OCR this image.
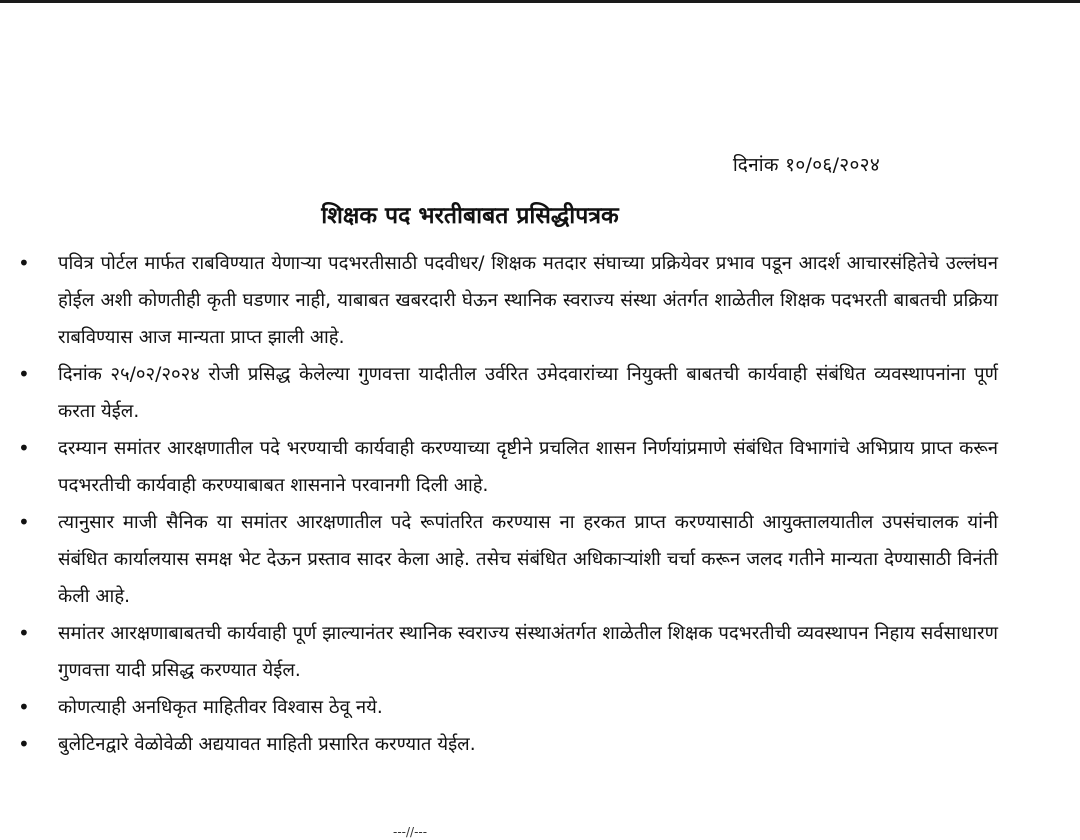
दिनांक १०/०६/२०२४
शिक्षक पद भरतीबाबत प्रसिद्धीपत्रक
• पवित्र पोर्टल मार्फत राबविण्यात येणाऱ्या पदभरतीसाठी पदवीधर/ शिक्षक मतदार संघाच्या प्रक्रियेवर प्रभाव पडून आदर्श आचारसंहितेचे उल्लंघन होईल अशी कोणतीही कृती घडणार नाही, याबाबत खबरदारी घेऊन स्थानिक स्वराज्य संस्था अंतर्गत शाळेतील शिक्षक पदभरती बाबतची प्रक्रिया राबविण्यास आज मान्यता प्राप्त झाली आहे.
• दिनांक २५/०२/२०२४ रोजी प्रसिद्ध केलेल्या गुणवत्ता यादीतील उर्वरित उमेदवारांच्या नियुक्ती बाबतची कार्यवाही संबंधित व्यवस्थापनांना पूर्ण करता येईल.
• दरम्यान समांतर आरक्षणातील पदे भरण्याची कार्यवाही करण्याच्या दृष्टीने प्रचलित शासन निर्णयांप्रमाणे संबंधित विभागांचे अभिप्राय प्राप्त करून पदभरतीची कार्यवाही करण्याबाबत शासनाने परवानगी दिली आहे.
• त्यानुसार माजी सैनिक या समांतर आरक्षणातील पदे रूपांतरित करण्यास ना हरकत प्राप्त करण्यासाठी आयुक्तालयातील उपसंचालक यांनी संबंधित कार्यालयास समक्ष भेट देऊन प्रस्ताव सादर केला आहे. तसेच संबंधित अधिकाऱ्यांशी चर्चा करून जलद गतीने मान्यता देण्यासाठी विनंती केली आहे.
• समांतर आरक्षणाबाबतची कार्यवाही पूर्ण झाल्यानंतर स्थानिक स्वराज्य संस्थाअंतर्गत शाळेतील शिक्षक पदभरतीची व्यवस्थापन निहाय सर्वसाधारण गुणवत्ता यादी प्रसिद्ध करण्यात येईल.
• कोणत्याही अनधिकृत माहितीवर विश्वास ठेवू नये.
• बुलेटिनद्वारे वेळोवेळी अद्ययावत माहिती प्रसारित करण्यात येईल.
---//---
